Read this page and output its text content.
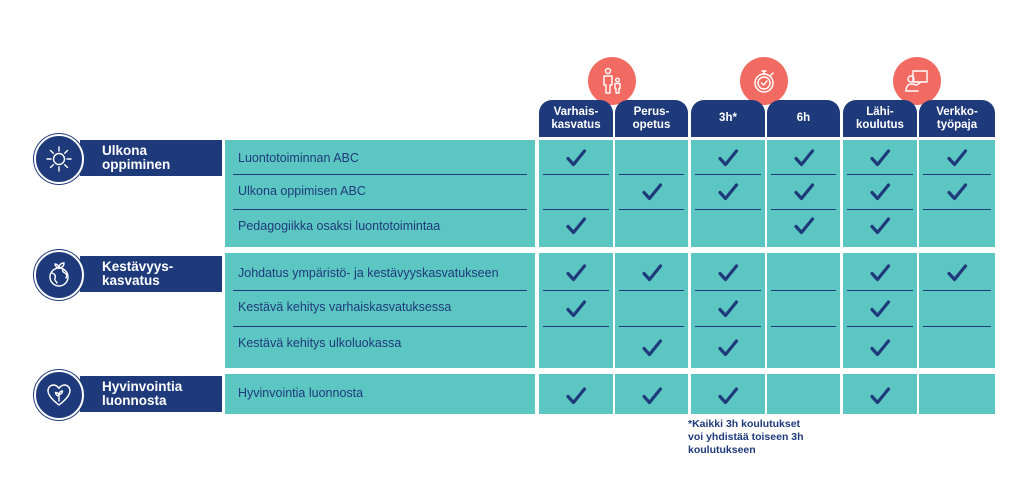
Varhais-
kasvatus
Perus-
opetus
3h*	6h
Lähi-
koulutus
Verkko-
työpaja
Ulkona
oppiminen
Kestävyys-
kasvatus
Hyvinvointia
luonnosta
Luontotoiminnan ABC
Ulkona oppimisen ABC
Pedagogiikka osaksi luontotoimintaa
Johdatus ympäristö- ja kestävyyskasvatukseen
Kestävä kehitys varhaiskasvatuksessa
Kestävä kehitys ulkoluokassa
Hyvinvointia luonnosta
*Kaikki 3h koulutukset
voi yhdistää toiseen 3h
koulutukseen
